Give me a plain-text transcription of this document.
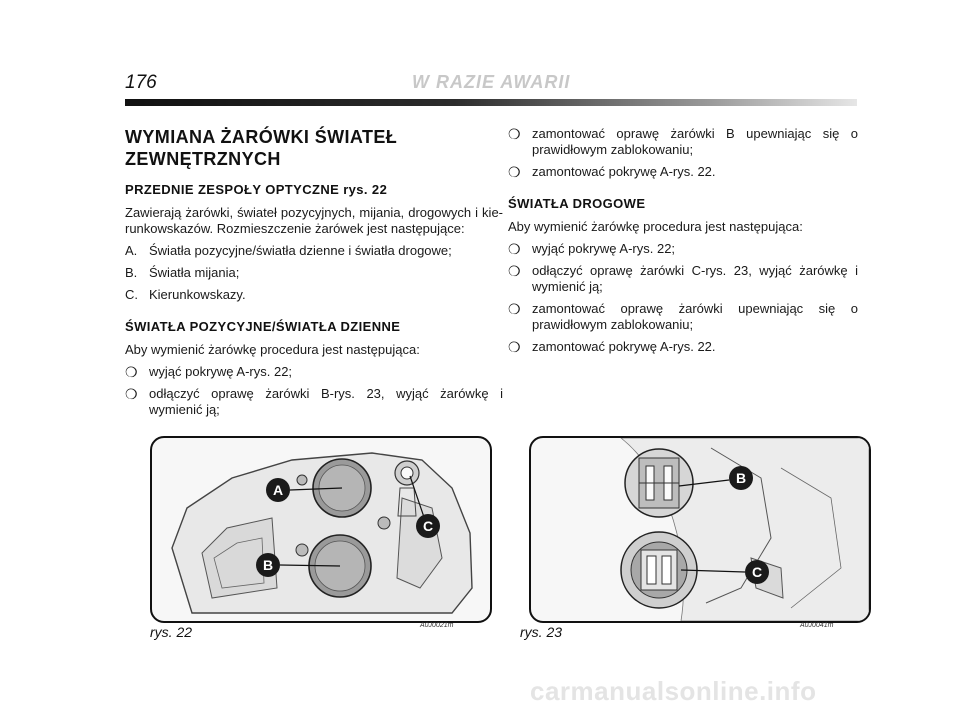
176	W RAZIE AWARII
WYMIANA ŻARÓWKI ŚWIATEŁ ZEWNĘTRZNYCH
PRZEDNIE ZESPOŁY OPTYCZNE rys. 22

Zawierają żarówki, świateł pozycyjnych, mijania, drogowych i kie-runkowskazów. Rozmieszczenie żarówek jest następujące:

A. Światła pozycyjne/światła dzienne i światła drogowe;
B. Światła mijania;
C. Kierunkowskazy.
ŚWIATŁA POZYCYJNE/ŚWIATŁA DZIENNE

Aby wymienić żarówkę procedura jest następująca:

❍ wyjąć pokrywę A-rys. 22;
❍ odłączyć oprawę żarówki B-rys. 23, wyjąć żarówkę i wymienić ją;
❍ zamontować oprawę żarówki B upewniając się o prawidłowym zablokowaniu;
❍ zamontować pokrywę A-rys. 22.
ŚWIATŁA DROGOWE

Aby wymienić żarówkę procedura jest następująca:

❍ wyjąć pokrywę A-rys. 22;
❍ odłączyć oprawę żarówki C-rys. 23, wyjąć żarówkę i wymienić ją;
❍ zamontować oprawę żarówki upewniając się o prawidłowym zablokowaniu;
❍ zamontować pokrywę A-rys. 22.
A
B
C
rys. 22	A0J0021m
B
C
rys. 23	A0J0041m
carmanualsonline.info
